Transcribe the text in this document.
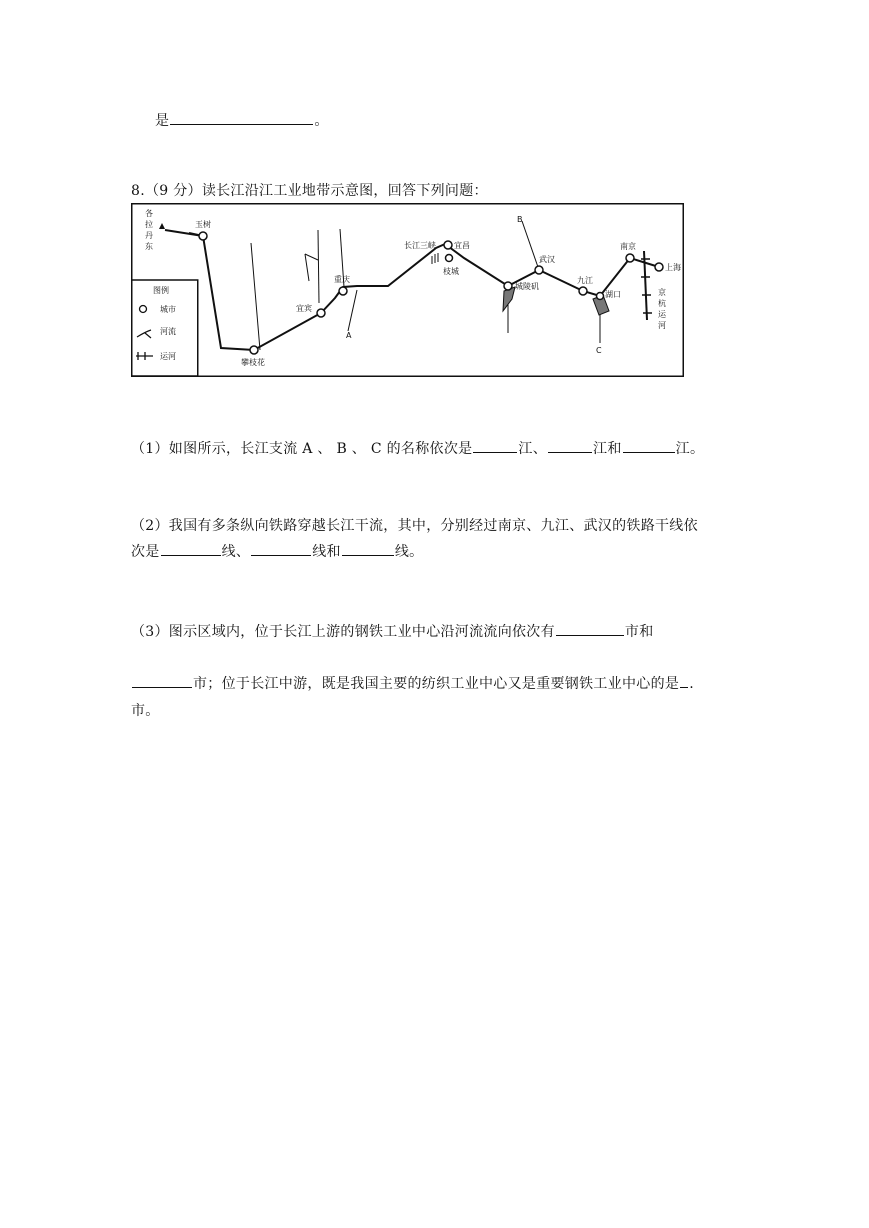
是	。
8.（9 分）读长江沿江工业地带示意图，回答下列问题：
各
拉
丹
东
京
杭
运
河
玉树
攀枝花
宜宾
重庆
长江三峡 宜昌
枝城
城陵矶
武汉
九江
湖口
南京
上海
A
B
C
图例
城市
河流
运河
（1）如图所示，长江支流 A 、 B 、 C 的名称依次是	江、	江和	江。
（2）我国有多条纵向铁路穿越长江干流，其中，分别经过南京、九江、武汉的铁路干线依
次是	线、	线和	线。
（3）图示区域内，位于长江上游的钢铁工业中心沿河流流向依次有	市和
市；位于长江中游，既是我国主要的纺织工业中心又是重要钢铁工业中心的是 .
市。
